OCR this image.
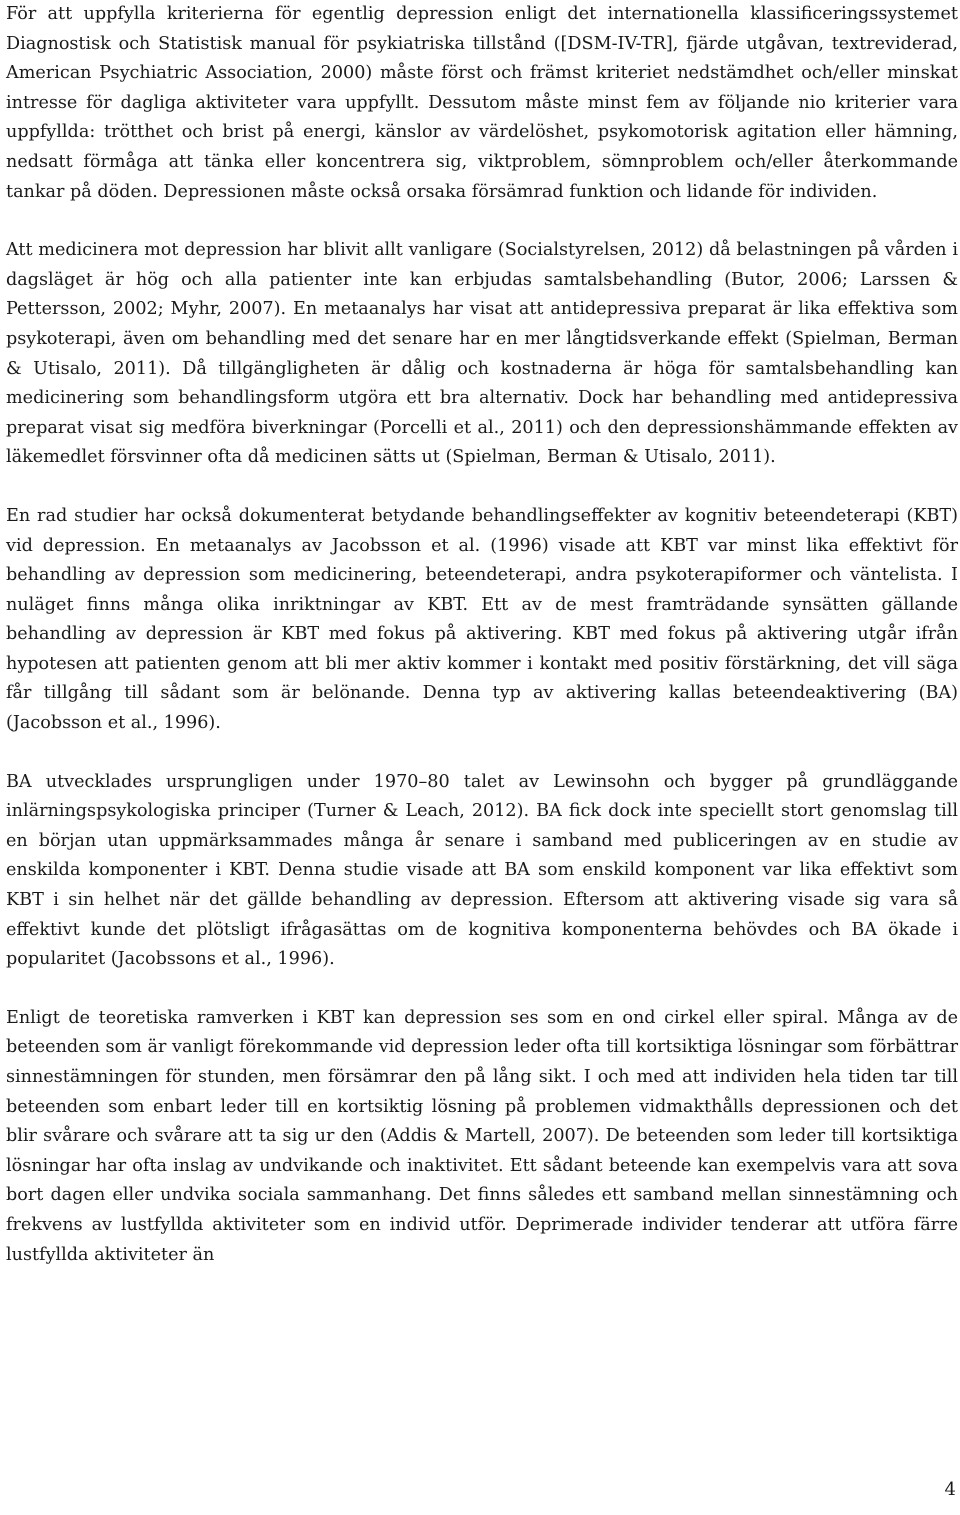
För att uppfylla kriterierna för egentlig depression enligt det internationella klassificeringssystemet Diagnostisk och Statistisk manual för psykiatriska tillstånd ([DSM-IV-TR], fjärde utgåvan, textreviderad, American Psychiatric Association, 2000) måste först och främst kriteriet nedstämdhet och/eller minskat intresse för dagliga aktiviteter vara uppfyllt. Dessutom måste minst fem av följande nio kriterier vara uppfyllda: trötthet och brist på energi, känslor av värdelöshet, psykomotorisk agitation eller hämning, nedsatt förmåga att tänka eller koncentrera sig, viktproblem, sömnproblem och/eller återkommande tankar på döden. Depressionen måste också orsaka försämrad funktion och lidande för individen.

Att medicinera mot depression har blivit allt vanligare (Socialstyrelsen, 2012) då belastningen på vården i dagsläget är hög och alla patienter inte kan erbjudas samtalsbehandling (Butor, 2006; Larssen & Pettersson, 2002; Myhr, 2007). En metaanalys har visat att antidepressiva preparat är lika effektiva som psykoterapi, även om behandling med det senare har en mer långtidsverkande effekt (Spielman, Berman & Utisalo, 2011). Då tillgängligheten är dålig och kostnaderna är höga för samtalsbehandling kan medicinering som behandlingsform utgöra ett bra alternativ. Dock har behandling med antidepressiva preparat visat sig medföra biverkningar (Porcelli et al., 2011) och den depressionshämmande effekten av läkemedlet försvinner ofta då medicinen sätts ut (Spielman, Berman & Utisalo, 2011).

En rad studier har också dokumenterat betydande behandlingseffekter av kognitiv beteendeterapi (KBT) vid depression. En metaanalys av Jacobsson et al. (1996) visade att KBT var minst lika effektivt för behandling av depression som medicinering, beteendeterapi, andra psykoterapiformer och väntelista. I nuläget finns många olika inriktningar av KBT. Ett av de mest framträdande synsätten gällande behandling av depression är KBT med fokus på aktivering. KBT med fokus på aktivering utgår ifrån hypotesen att patienten genom att bli mer aktiv kommer i kontakt med positiv förstärkning, det vill säga får tillgång till sådant som är belönande. Denna typ av aktivering kallas beteendeaktivering (BA) (Jacobsson et al., 1996).

BA utvecklades ursprungligen under 1970–80 talet av Lewinsohn och bygger på grundläggande inlärningspsykologiska principer (Turner & Leach, 2012). BA fick dock inte speciellt stort genomslag till en början utan uppmärksammades många år senare i samband med publiceringen av en studie av enskilda komponenter i KBT. Denna studie visade att BA som enskild komponent var lika effektivt som KBT i sin helhet när det gällde behandling av depression. Eftersom att aktivering visade sig vara så effektivt kunde det plötsligt ifrågasättas om de kognitiva komponenterna behövdes och BA ökade i popularitet (Jacobssons et al., 1996).

Enligt de teoretiska ramverken i KBT kan depression ses som en ond cirkel eller spiral. Många av de beteenden som är vanligt förekommande vid depression leder ofta till kortsiktiga lösningar som förbättrar sinnestämningen för stunden, men försämrar den på lång sikt. I och med att individen hela tiden tar till beteenden som enbart leder till en kortsiktig lösning på problemen vidmakthålls depressionen och det blir svårare och svårare att ta sig ur den (Addis & Martell, 2007). De beteenden som leder till kortsiktiga lösningar har ofta inslag av undvikande och inaktivitet. Ett sådant beteende kan exempelvis vara att sova bort dagen eller undvika sociala sammanhang. Det finns således ett samband mellan sinnestämning och frekvens av lustfyllda aktiviteter som en individ utför. Deprimerade individer tenderar att utföra färre lustfyllda aktiviteter än

4
